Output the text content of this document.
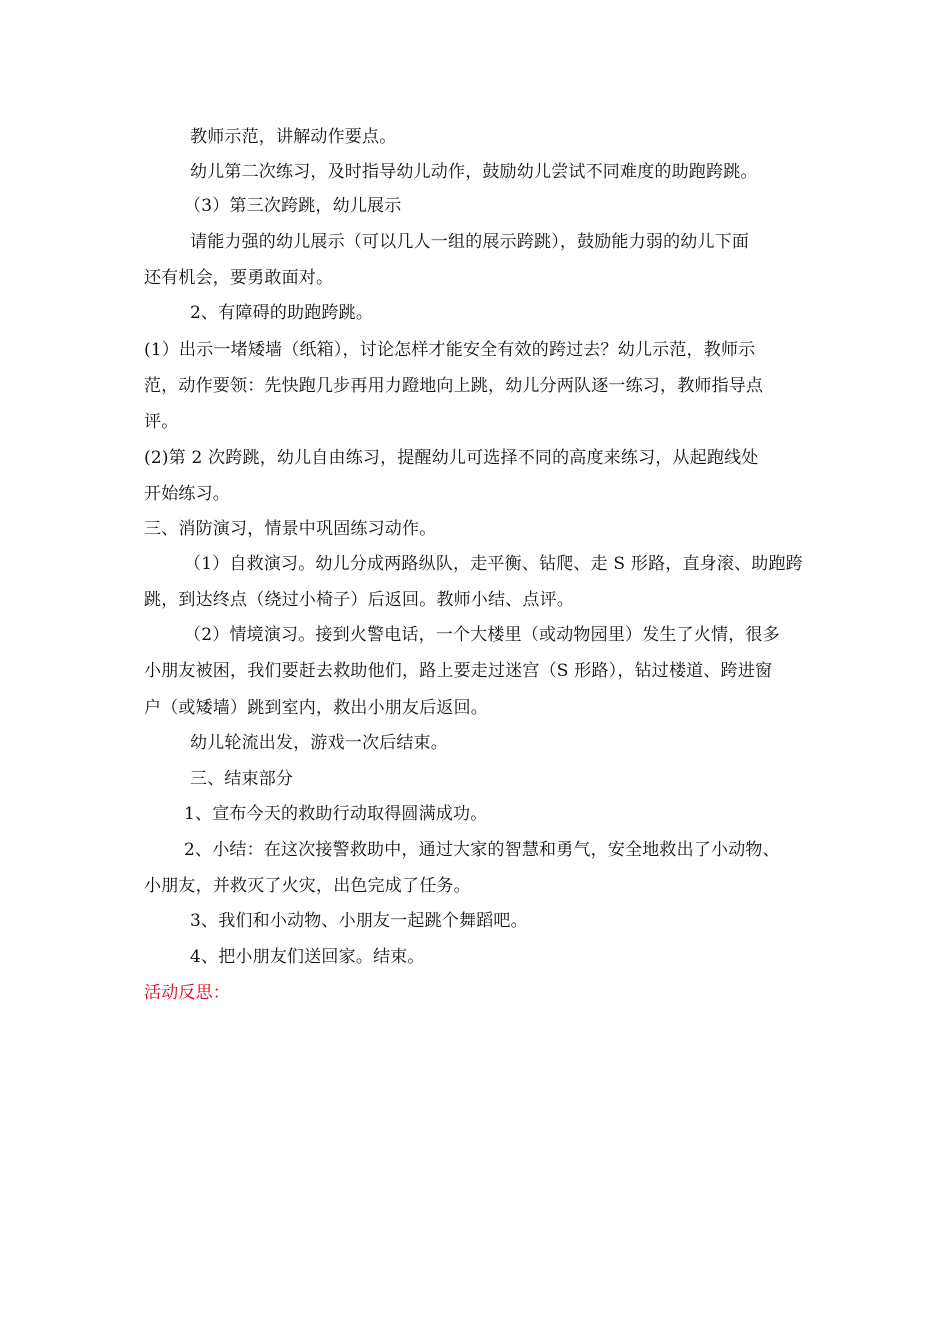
教师示范，讲解动作要点。
幼儿第二次练习，及时指导幼儿动作，鼓励幼儿尝试不同难度的助跑跨跳。
（3）第三次跨跳，幼儿展示
请能力强的幼儿展示（可以几人一组的展示跨跳），鼓励能力弱的幼儿下面
还有机会，要勇敢面对。
2、有障碍的助跑跨跳。
(1）出示一堵矮墙（纸箱），讨论怎样才能安全有效的跨过去？幼儿示范，教师示
范，动作要领：先快跑几步再用力蹬地向上跳，幼儿分两队逐一练习，教师指导点
评。
(2)第 2 次跨跳，幼儿自由练习，提醒幼儿可选择不同的高度来练习，从起跑线处
开始练习。
三、消防演习，情景中巩固练习动作。
（1）自救演习。幼儿分成两路纵队，走平衡、钻爬、走 S 形路，直身滚、助跑跨
跳，到达终点（绕过小椅子）后返回。教师小结、点评。
（2）情境演习。接到火警电话，一个大楼里（或动物园里）发生了火情，很多
小朋友被困，我们要赶去救助他们，路上要走过迷宫（S 形路），钻过楼道、跨进窗
户（或矮墙）跳到室内，救出小朋友后返回。
幼儿轮流出发，游戏一次后结束。
三、结束部分
1、宣布今天的救助行动取得圆满成功。
2、小结：在这次接警救助中，通过大家的智慧和勇气，安全地救出了小动物、
小朋友，并救灭了火灾，出色完成了任务。
3、我们和小动物、小朋友一起跳个舞蹈吧。
4、把小朋友们送回家。结束。
活动反思：
